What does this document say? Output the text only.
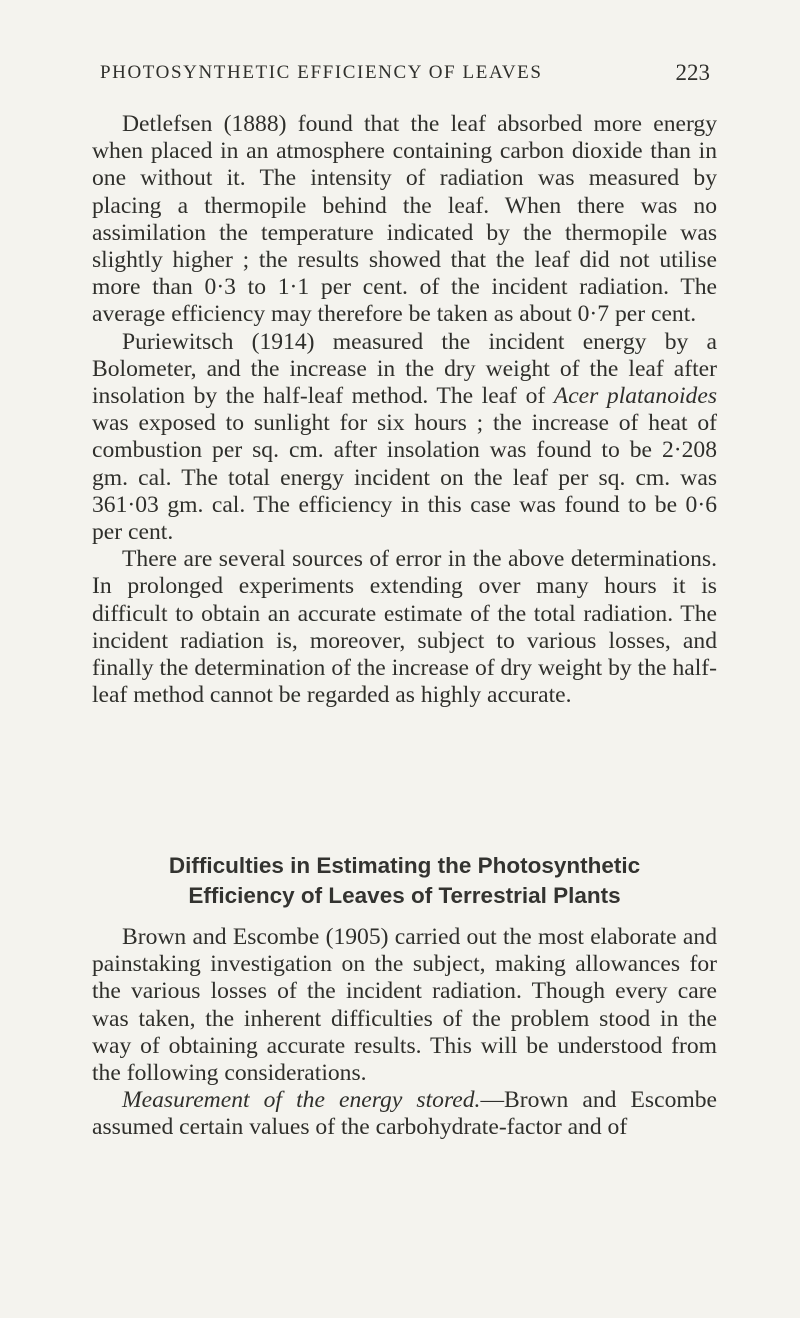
PHOTOSYNTHETIC EFFICIENCY OF LEAVES	223

Detlefsen (1888) found that the leaf absorbed more energy when placed in an atmosphere containing carbon dioxide than in one without it. The intensity of radiation was measured by placing a thermopile behind the leaf. When there was no assimilation the temperature indicated by the thermopile was slightly higher ; the results showed that the leaf did not utilise more than 0·3 to 1·1 per cent. of the incident radiation. The average efficiency may therefore be taken as about 0·7 per cent.

Puriewitsch (1914) measured the incident energy by a Bolometer, and the increase in the dry weight of the leaf after insolation by the half-leaf method. The leaf of Acer platanoides was exposed to sunlight for six hours ; the increase of heat of combustion per sq. cm. after insolation was found to be 2·208 gm. cal. The total energy incident on the leaf per sq. cm. was 361·03 gm. cal. The efficiency in this case was found to be 0·6 per cent.

There are several sources of error in the above determinations. In prolonged experiments extending over many hours it is difficult to obtain an accurate estimate of the total radiation. The incident radiation is, moreover, subject to various losses, and finally the determination of the increase of dry weight by the half-leaf method cannot be regarded as highly accurate.

Difficulties in Estimating the Photosynthetic
Efficiency of Leaves of Terrestrial Plants

Brown and Escombe (1905) carried out the most elaborate and painstaking investigation on the subject, making allowances for the various losses of the incident radiation. Though every care was taken, the inherent difficulties of the problem stood in the way of obtaining accurate results. This will be understood from the following considerations.

Measurement of the energy stored.—Brown and Escombe assumed certain values of the carbohydrate-factor and of
